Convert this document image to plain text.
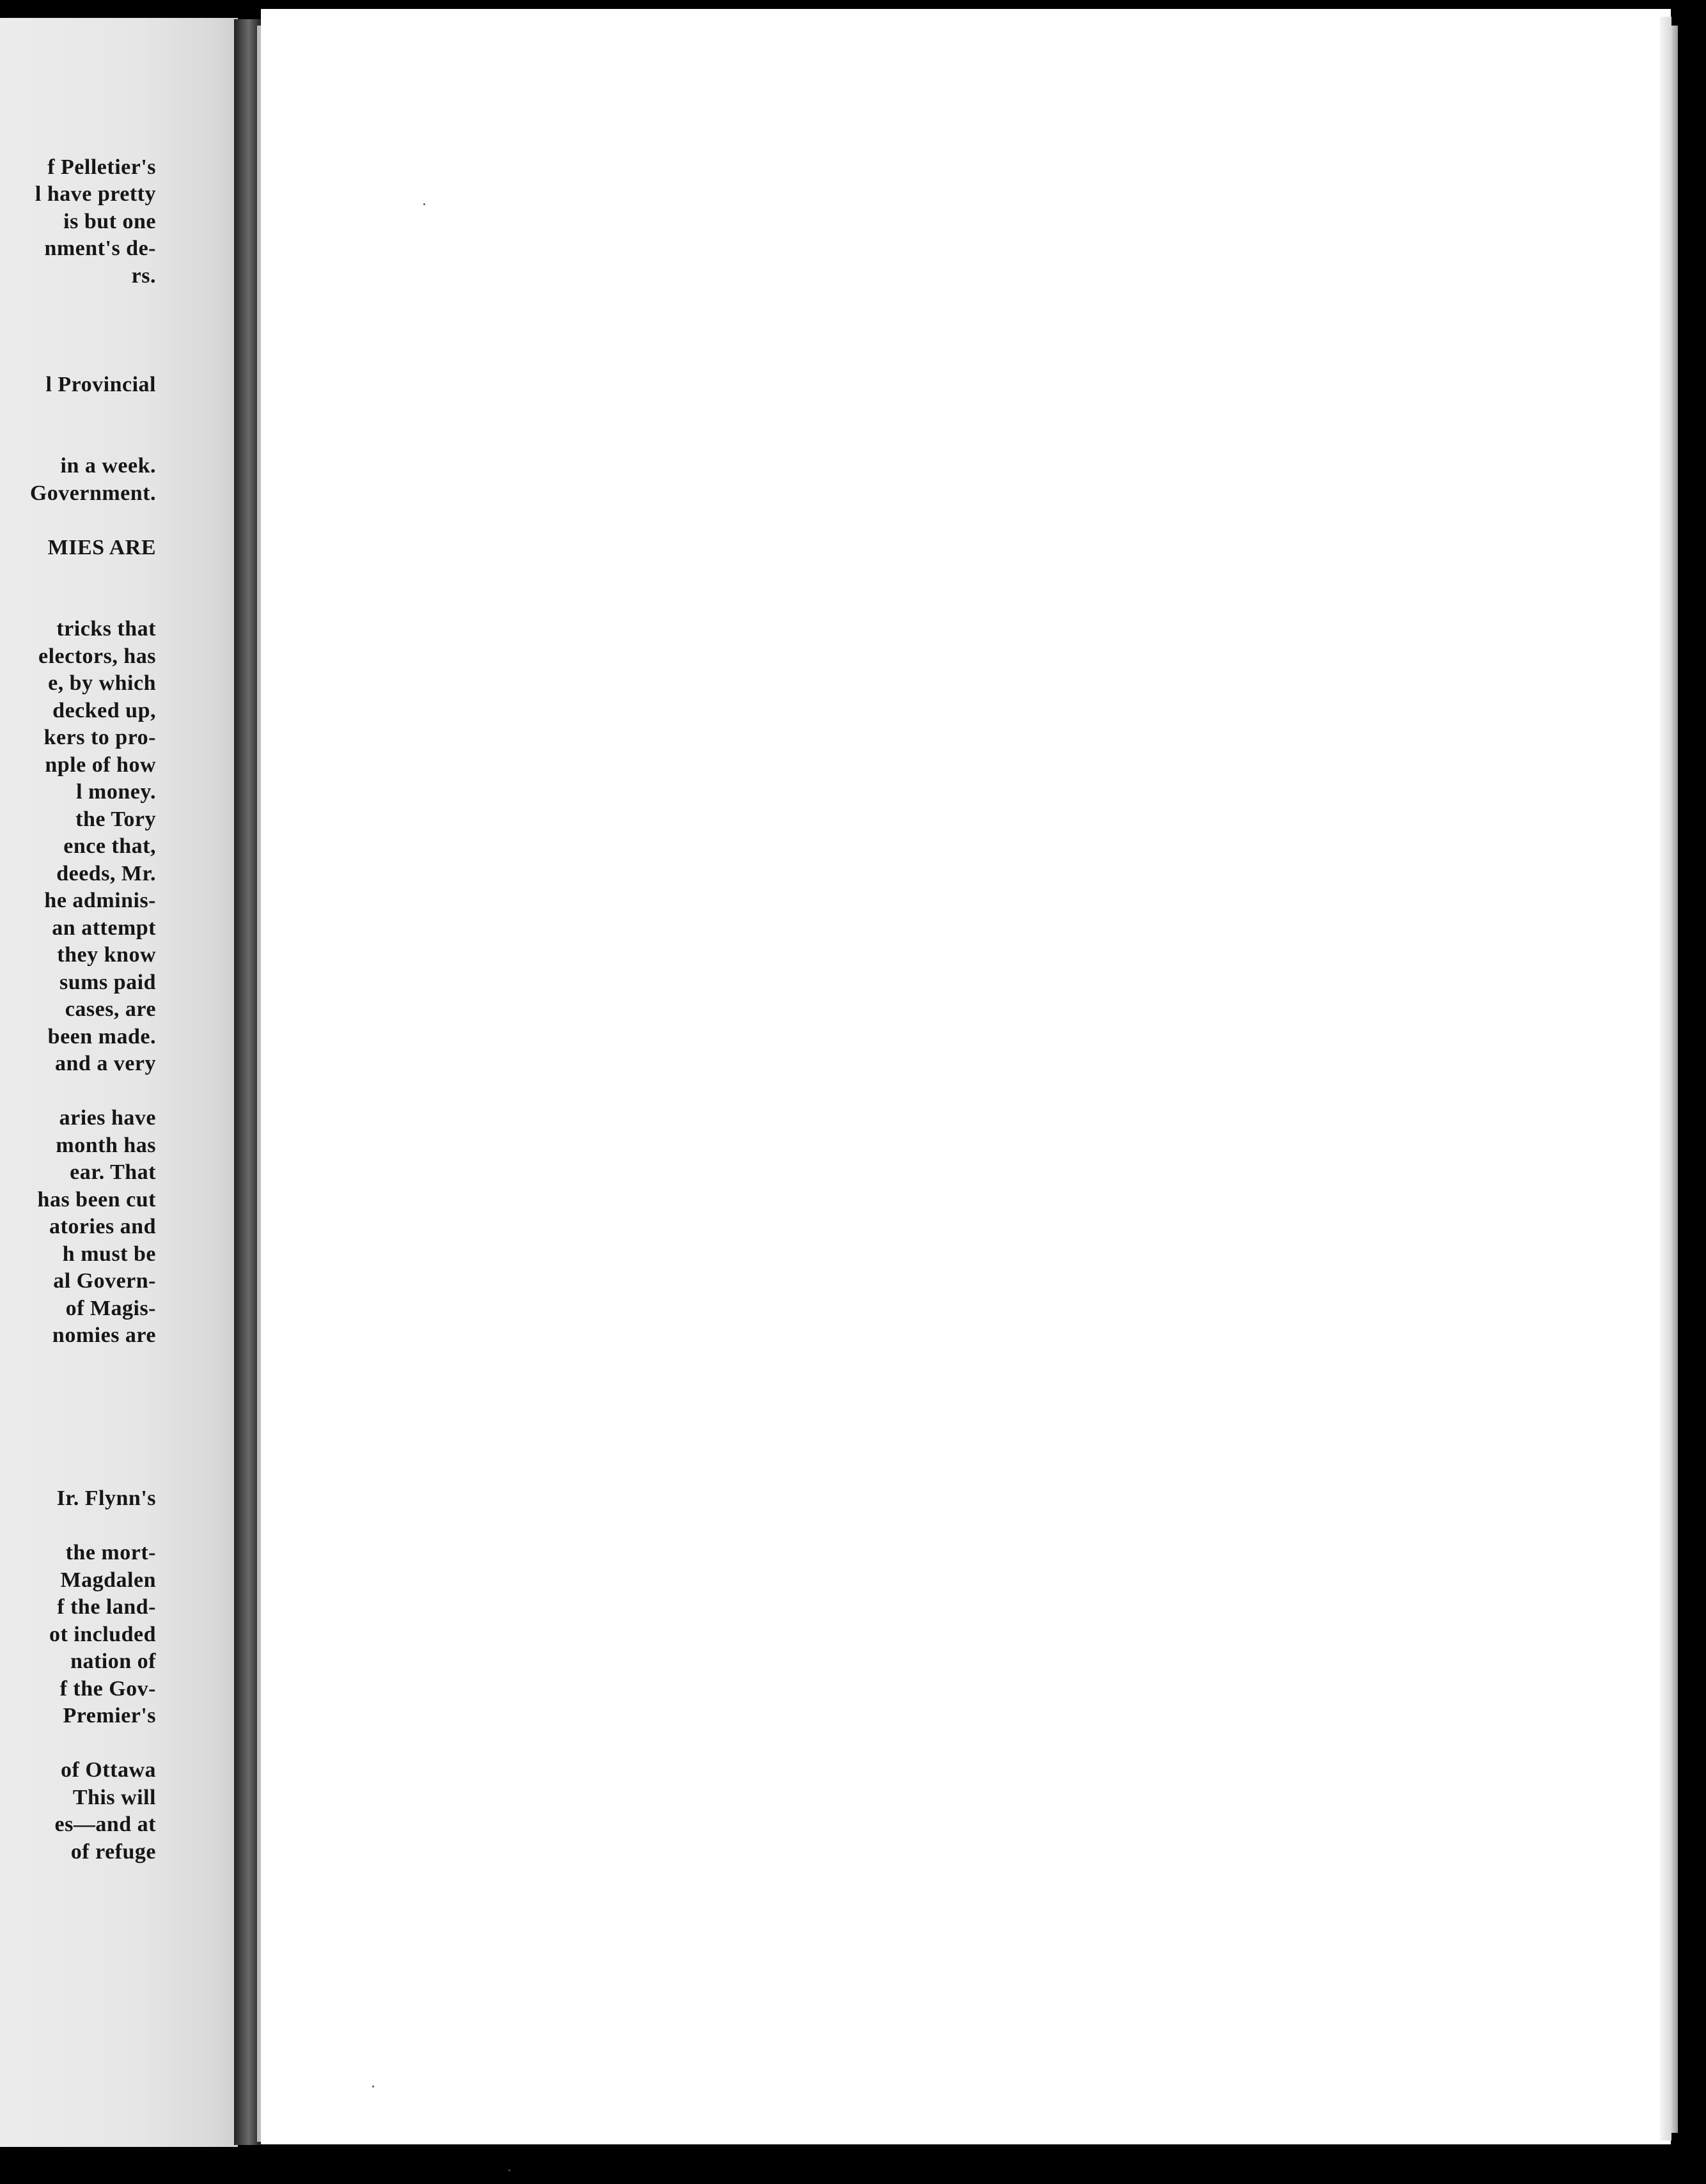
f Pelletier's
l have pretty
is but one
nment's de-
rs.
l Provincial
in a week.
Government.
MIES ARE
tricks that
electors, has
e, by which
decked up,
kers to pro-
nple of how
l money.
the Tory
ence that,
deeds, Mr.
he adminis-
an attempt
they know
sums paid
cases, are
been made.
and a very
aries have
month has
ear. That
has been cut
atories and
h must be
al Govern-
of Magis-
nomies are
Ir. Flynn's
the mort-
Magdalen
f the land-
ot included
nation of
f the Gov-
Premier's
of Ottawa
This will
es—and at
of refuge
